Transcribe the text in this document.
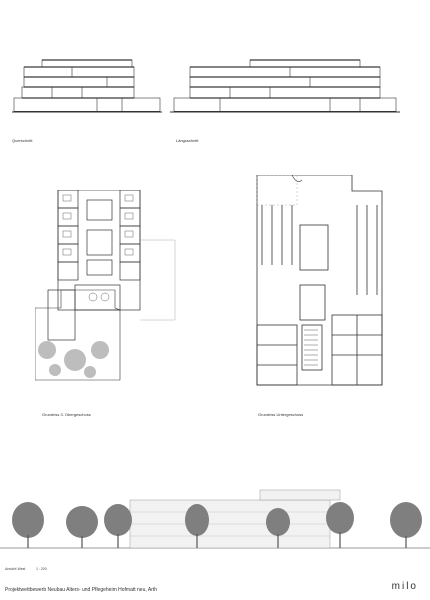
Querschnitt	Längsschnitt
Grundriss 3. Obergeschoss	Grundriss Untergeschoss
Ansicht West	1 : 200
Projektwettbewerb Neubau Alters- und Pflegeheim Hofmatt neu, Arth	milo
